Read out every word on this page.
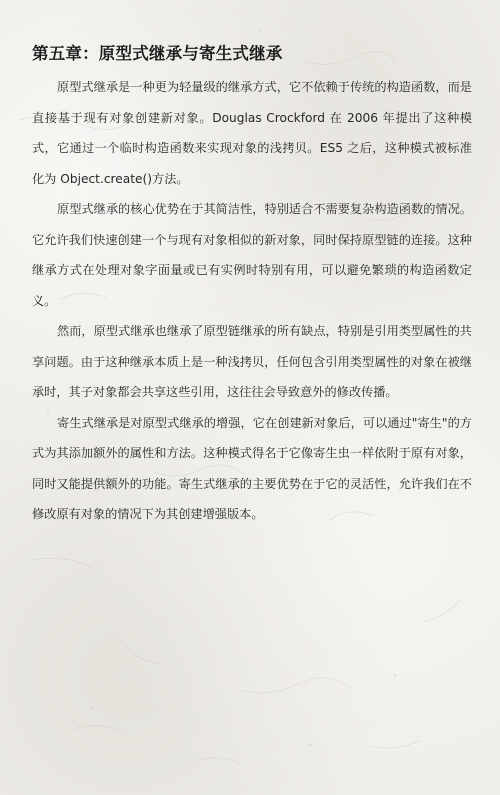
第五章：原型式继承与寄生式继承

原型式继承是一种更为轻量级的继承方式，它不依赖于传统的构造函数，而是直接基于现有对象创建新对象。Douglas Crockford 在 2006 年提出了这种模式，它通过一个临时构造函数来实现对象的浅拷贝。ES5 之后，这种模式被标准化为 Object.create()方法。

原型式继承的核心优势在于其简洁性，特别适合不需要复杂构造函数的情况。它允许我们快速创建一个与现有对象相似的新对象，同时保持原型链的连接。这种继承方式在处理对象字面量或已有实例时特别有用，可以避免繁琐的构造函数定义。

然而，原型式继承也继承了原型链继承的所有缺点，特别是引用类型属性的共享问题。由于这种继承本质上是一种浅拷贝，任何包含引用类型属性的对象在被继承时，其子对象都会共享这些引用，这往往会导致意外的修改传播。

寄生式继承是对原型式继承的增强，它在创建新对象后，可以通过"寄生"的方式为其添加额外的属性和方法。这种模式得名于它像寄生虫一样依附于原有对象，同时又能提供额外的功能。寄生式继承的主要优势在于它的灵活性，允许我们在不修改原有对象的情况下为其创建增强版本。
